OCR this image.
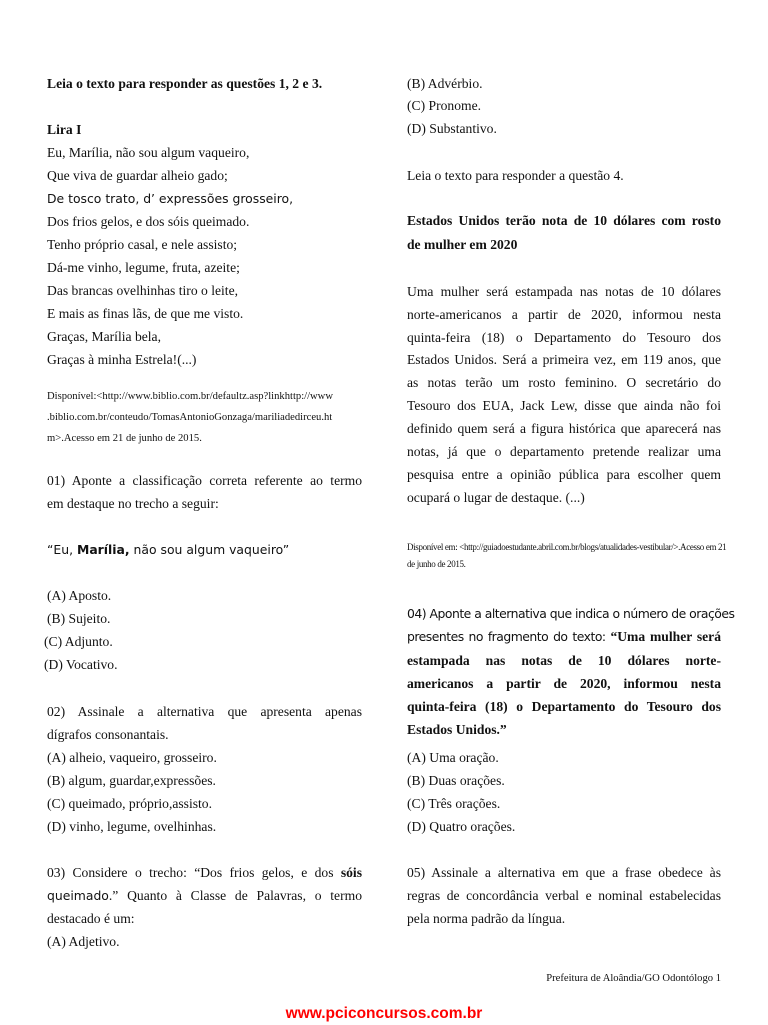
Leia o texto para responder as questões 1, 2 e 3.
Lira I
Eu, Marília, não sou algum vaqueiro,
Que viva de guardar alheio gado;
De tosco trato, d’ expressões grosseiro,
Dos frios gelos, e dos sóis queimado.
Tenho próprio casal, e nele assisto;
Dá-me vinho, legume, fruta, azeite;
Das brancas ovelhinhas tiro o leite,
E mais as finas lãs, de que me visto.
Graças, Marília bela,
Graças à minha Estrela!(...)
Disponível:<http://www.biblio.com.br/defaultz.asp?linkhttp://www
.biblio.com.br/conteudo/TomasAntonioGonzaga/mariliadedirceu.ht
m>.Acesso em 21 de junho de 2015.
01) Aponte a classificação correta referente ao termo
em destaque no trecho a seguir:
“Eu, Marília, não sou algum vaqueiro”
(A) Aposto.
(B) Sujeito.
(C) Adjunto.
(D) Vocativo.
02) Assinale a alternativa que apresenta apenas
dígrafos consonantais.
(A) alheio, vaqueiro, grosseiro.
(B) algum, guardar,expressões.
(C) queimado, próprio,assisto.
(D) vinho, legume, ovelhinhas.
03) Considere o trecho: “Dos frios gelos, e dos sóis
queimado.” Quanto à Classe de Palavras, o termo
destacado é um:
(A) Adjetivo.
(B) Advérbio.
(C) Pronome.
(D) Substantivo.
Leia o texto para responder a questão 4.
Estados Unidos terão nota de 10 dólares com rosto
de mulher em 2020
Uma mulher será estampada nas notas de 10 dólares
norte-americanos a partir de 2020, informou nesta
quinta-feira (18) o Departamento do Tesouro dos
Estados Unidos. Será a primeira vez, em 119 anos, que
as notas terão um rosto feminino. O secretário do
Tesouro dos EUA, Jack Lew, disse que ainda não foi
definido quem será a figura histórica que aparecerá nas
notas, já que o departamento pretende realizar uma
pesquisa entre a opinião pública para escolher quem
ocupará o lugar de destaque. (...)
Disponível em: <http://guiadoestudante.abril.com.br/blogs/atualidades-vestibular/>.Acesso em 21
de junho de 2015.
04) Aponte a alternativa que indica o número de orações
presentes no fragmento do texto: “Uma mulher será
estampada nas notas de 10 dólares norte-
americanos a partir de 2020, informou nesta
quinta-feira (18) o Departamento do Tesouro dos
Estados Unidos.”
(A) Uma oração.
(B) Duas orações.
(C) Três orações.
(D) Quatro orações.
05) Assinale a alternativa em que a frase obedece às
regras de concordância verbal e nominal estabelecidas
pela norma padrão da língua.
Prefeitura de Aloândia/GO Odontólogo 1
www.pciconcursos.com.br
